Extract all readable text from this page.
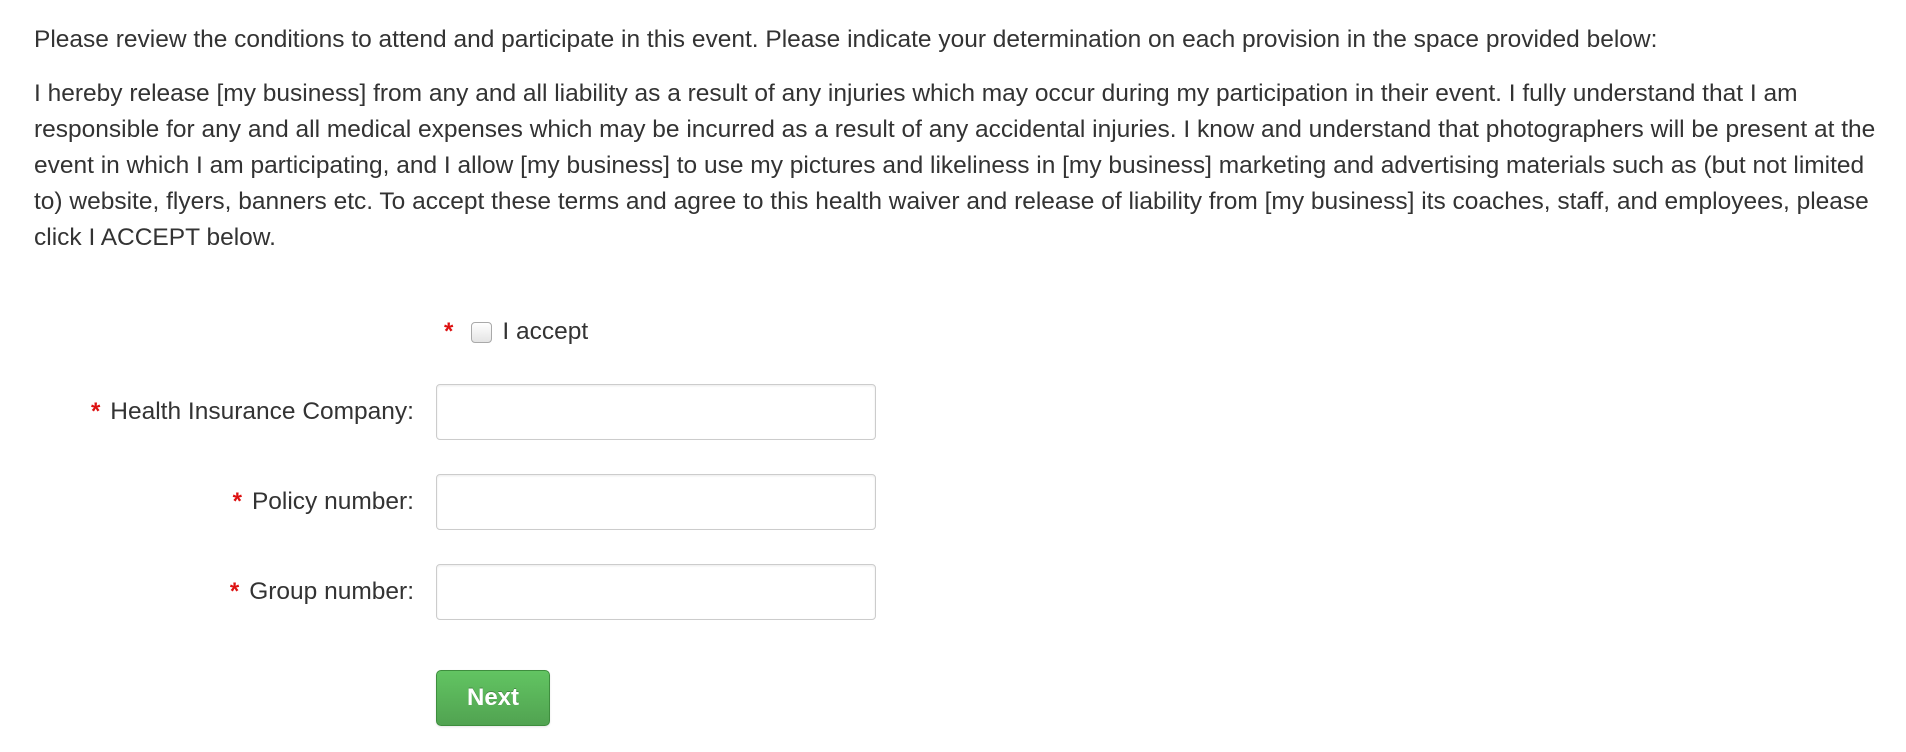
Please review the conditions to attend and participate in this event. Please indicate your determination on each provision in the space provided below:

I hereby release [my business] from any and all liability as a result of any injuries which may occur during my participation in their event. I fully understand that I am responsible for any and all medical expenses which may be incurred as a result of any accidental injuries. I know and understand that photographers will be present at the event in which I am participating, and I allow [my business] to use my pictures and likeliness in [my business] marketing and advertising materials such as (but not limited to) website, flyers, banners etc. To accept these terms and agree to this health waiver and release of liability from [my business] its coaches, staff, and employees, please click I ACCEPT below.

* I accept
* Health Insurance Company:
* Policy number:
* Group number:
Next
